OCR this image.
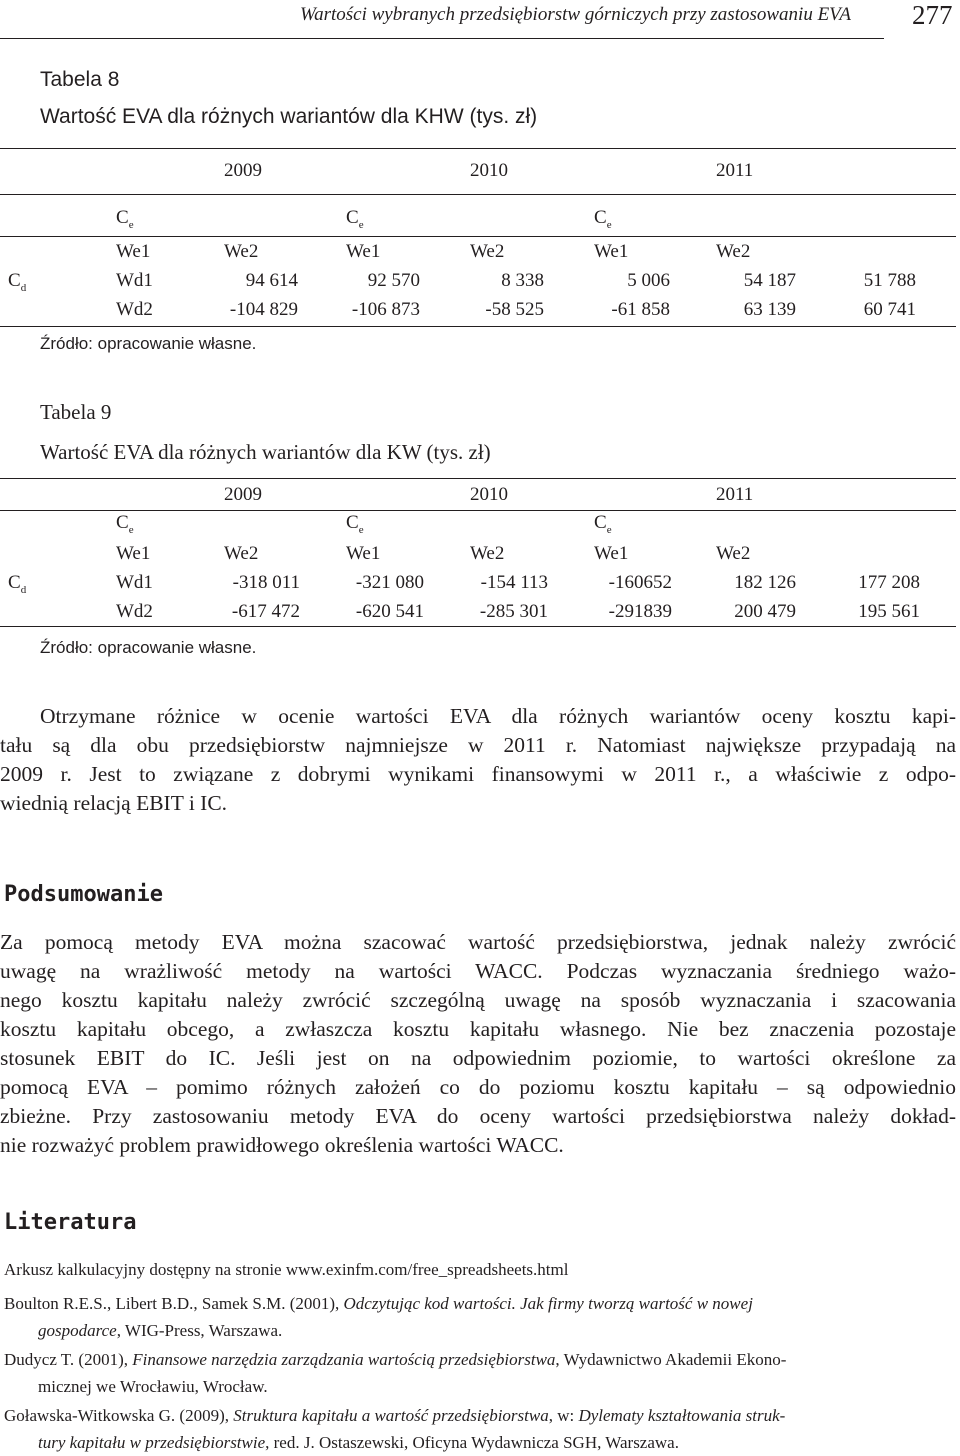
Wartości wybranych przedsiębiorstw górniczych przy zastosowaniu EVA 277
Tabela 8
Wartość EVA dla różnych wariantów dla KHW (tys. zł)
2009	2010	2011
$C_e$	$C_e$	$C_e$
We1	We2	We1	We2	We1	We2
$C_d$	Wd1	94 614	92 570	8 338	5 006	54 187	51 788
Wd2	-104 829	-106 873	-58 525	-61 858	63 139	60 741
Źródło: opracowanie własne.
Tabela 9
Wartość EVA dla różnych wariantów dla KW (tys. zł)
2009	2010	2011
$C_e$	$C_e$	$C_e$
We1	We2	We1	We2	We1	We2
$C_d$	Wd1	-318 011	-321 080	-154 113	-160652	182 126	177 208
Wd2	-617 472	-620 541	-285 301	-291839	200 479	195 561
Źródło: opracowanie własne.
Otrzymane różnice w ocenie wartości EVA dla różnych wariantów oceny kosztu kapi-
tału są dla obu przedsiębiorstw najmniejsze w 2011 r. Natomiast największe przypadają na
2009 r. Jest to związane z dobrymi wynikami finansowymi w 2011 r., a właściwie z odpo-
wiednią relacją EBIT i IC.
Podsumowanie
Za pomocą metody EVA można szacować wartość przedsiębiorstwa, jednak należy zwrócić
uwagę na wrażliwość metody na wartości WACC. Podczas wyznaczania średniego ważo-
nego kosztu kapitału należy zwrócić szczególną uwagę na sposób wyznaczania i szacowania
kosztu kapitału obcego, a zwłaszcza kosztu kapitału własnego. Nie bez znaczenia pozostaje
stosunek EBIT do IC. Jeśli jest on na odpowiednim poziomie, to wartości określone za
pomocą EVA – pomimo różnych założeń co do poziomu kosztu kapitału – są odpowiednio
zbieżne. Przy zastosowaniu metody EVA do oceny wartości przedsiębiorstwa należy dokład-
nie rozważyć problem prawidłowego określenia wartości WACC.
Literatura
Arkusz kalkulacyjny dostępny na stronie www.exinfm.com/free_spreadsheets.html
Boulton R.E.S., Libert B.D., Samek S.M. (2001), Odczytując kod wartości. Jak firmy tworzą wartość w nowej
gospodarce, WIG-Press, Warszawa.
Dudycz T. (2001), Finansowe narzędzia zarządzania wartością przedsiębiorstwa, Wydawnictwo Akademii Ekono-
micznej we Wrocławiu, Wrocław.
Goławska-Witkowska G. (2009), Struktura kapitału a wartość przedsiębiorstwa, w: Dylematy kształtowania struk-
tury kapitału w przedsiębiorstwie, red. J. Ostaszewski, Oficyna Wydawnicza SGH, Warszawa.
